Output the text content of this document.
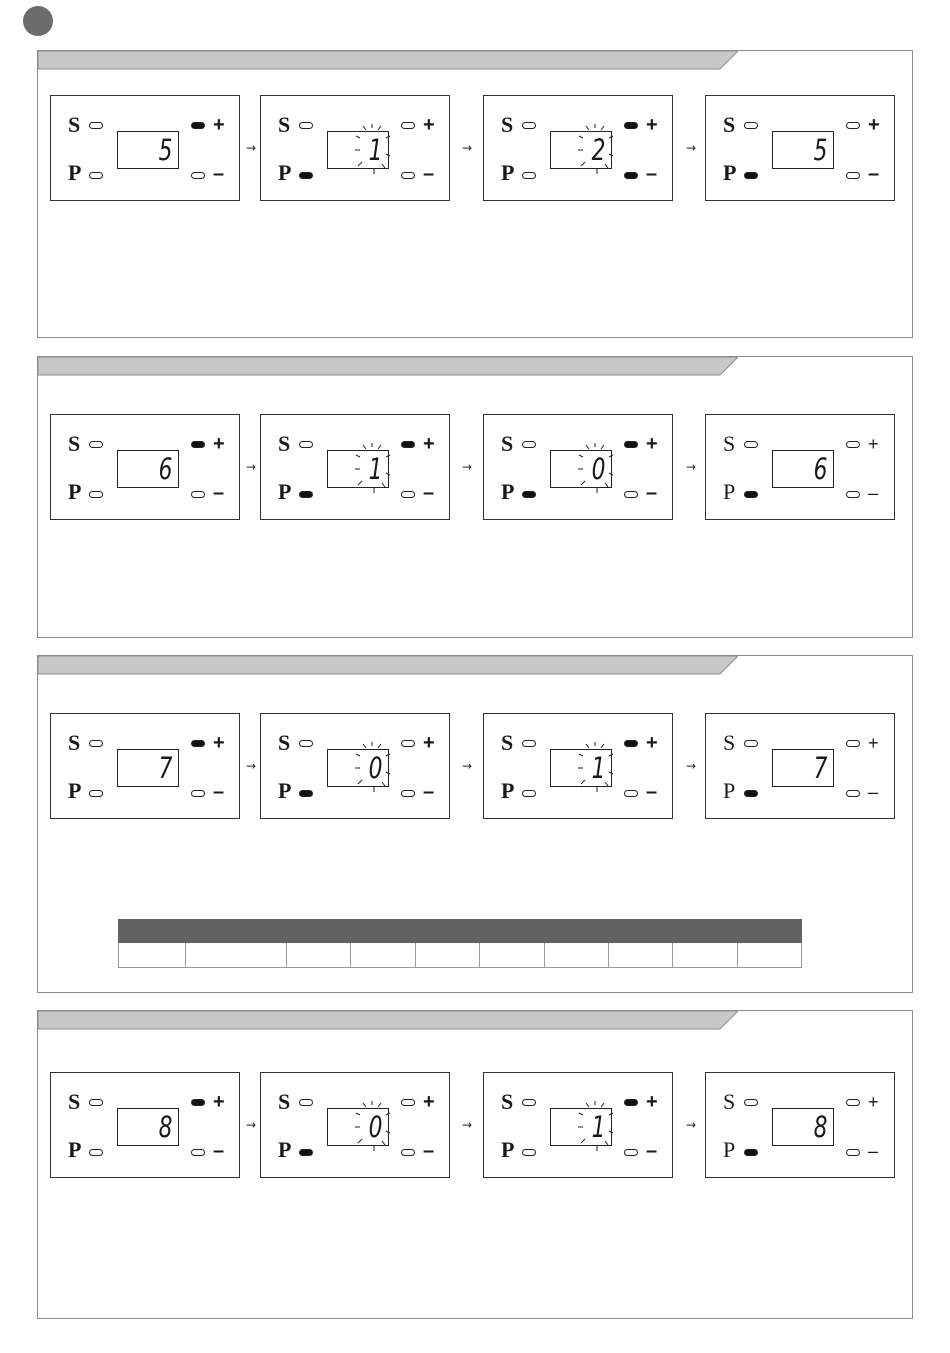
S
P
+
–
5
S
P
+
–
1
S
P
+
–
2
S
P
+
–
5
→	→	→
S
P
+
–
6
S
P
+
–
1
S
P
+
–
0
S
P
+
–
6
→	→	→
S
P
+
–
7
S
P
+
–
0
S
P
+
–
1
S
P
+
–
7
→	→	→
S
P
+
–
8
S
P
+
–
0
S
P
+
–
1
S
P
+
–
8
→	→	→
